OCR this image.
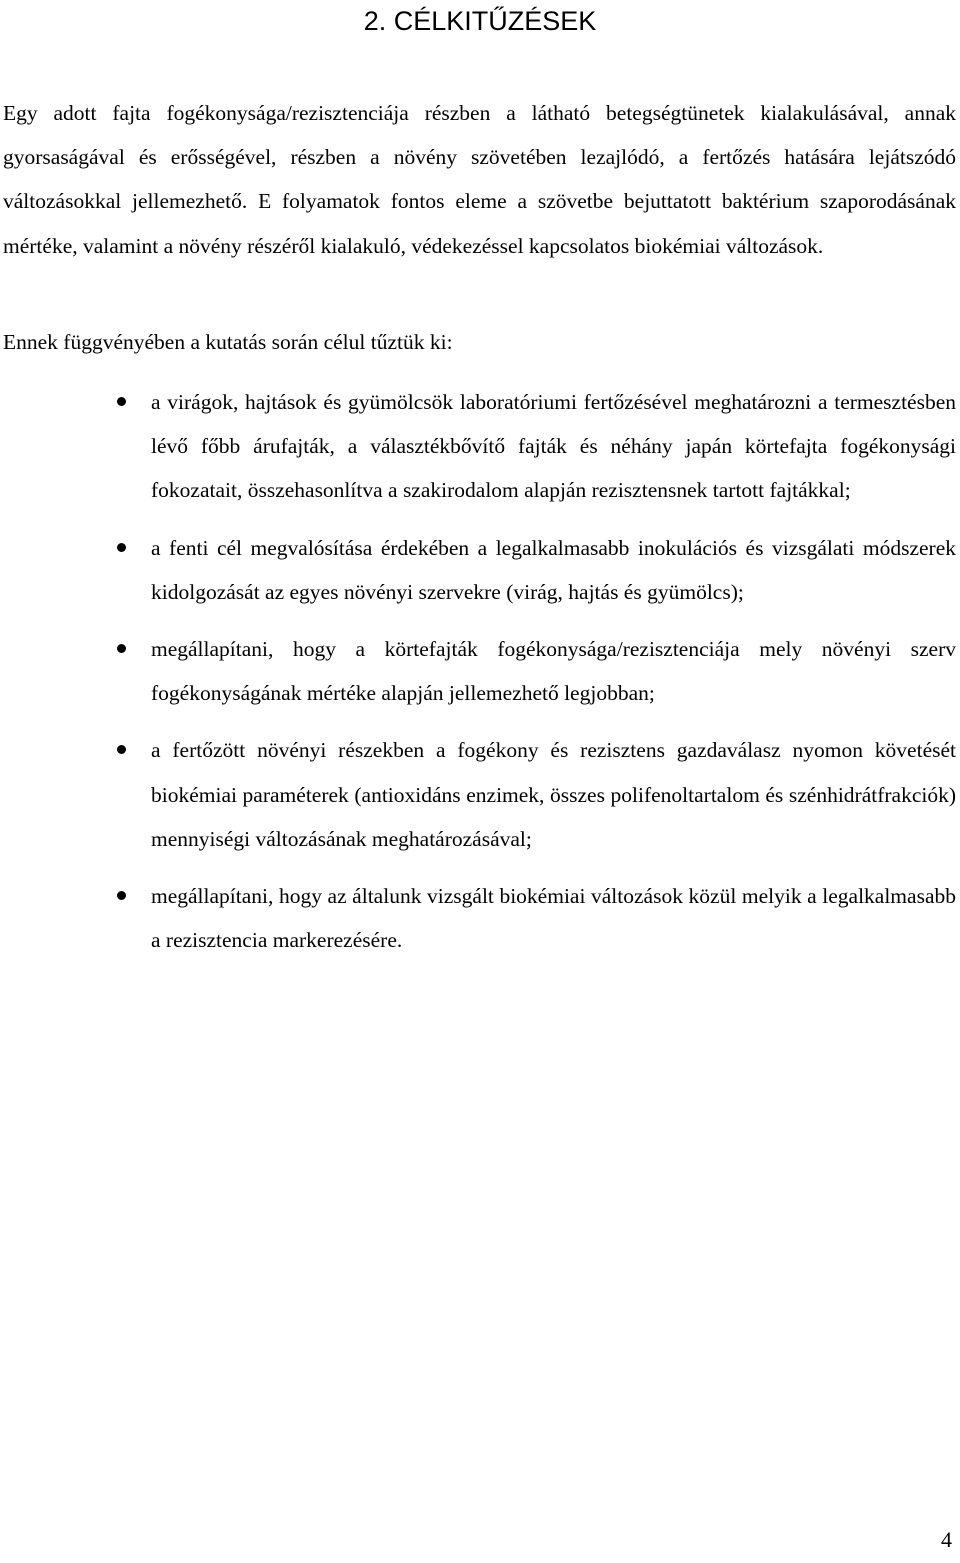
2. CÉLKITŰZÉSEK

Egy adott fajta fogékonysága/rezisztenciája részben a látható betegségtünetek kialakulásával, annak gyorsaságával és erősségével, részben a növény szövetében lezajlódó, a fertőzés hatására lejátszódó változásokkal jellemezhető. E folyamatok fontos eleme a szövetbe bejuttatott baktérium szaporodásának mértéke, valamint a növény részéről kialakuló, védekezéssel kapcsolatos biokémiai változások.

Ennek függvényében a kutatás során célul tűztük ki:

a virágok, hajtások és gyümölcsök laboratóriumi fertőzésével meghatározni a termesztésben lévő főbb árufajták, a választékbővítő fajták és néhány japán körtefajta fogékonysági fokozatait, összehasonlítva a szakirodalom alapján rezisztensnek tartott fajtákkal;
a fenti cél megvalósítása érdekében a legalkalmasabb inokulációs és vizsgálati módszerek kidolgozását az egyes növényi szervekre (virág, hajtás és gyümölcs);
megállapítani, hogy a körtefajták fogékonysága/rezisztenciája mely növényi szerv fogékonyságának mértéke alapján jellemezhető legjobban;
a fertőzött növényi részekben a fogékony és rezisztens gazdaválasz nyomon követését biokémiai paraméterek (antioxidáns enzimek, összes polifenoltartalom és szénhidrátfrakciók) mennyiségi változásának meghatározásával;
megállapítani, hogy az általunk vizsgált biokémiai változások közül melyik a legalkalmasabb a rezisztencia markerezésére.
4
